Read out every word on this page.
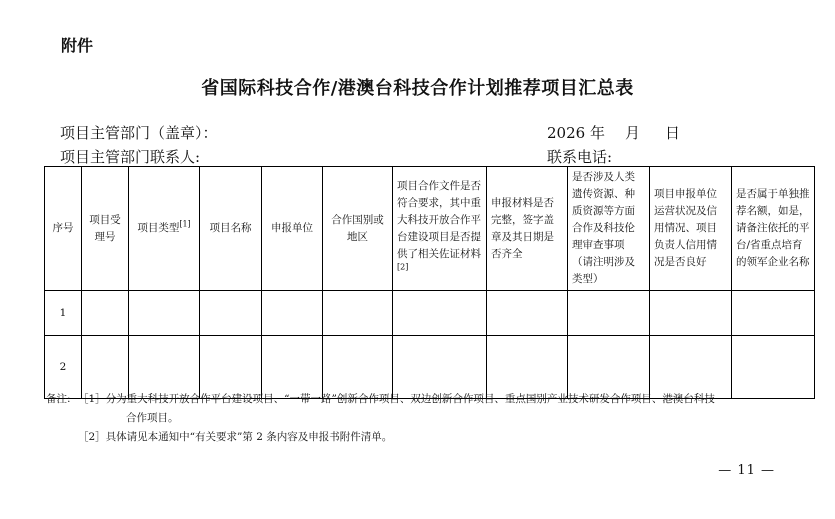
附件
省国际科技合作/港澳台科技合作计划推荐项目汇总表
项目主管部门（盖章）：	2026 年 月 日
项目主管部门联系人:	联系电话:
序号	项目受理号	项目类型[1]	项目名称	申报单位	合作国别或地区	项目合作文件是否符合要求，其中重大科技开放合作平台建设项目是否提供了相关佐证材料[2]	申报材料是否完整，签字盖章及其日期是否齐全	是否涉及人类遗传资源、种质资源等方面合作及科技伦理审查事项（请注明涉及类型）	项目申报单位运营状况及信用情况、项目负责人信用情况是否良好	是否属于单独推荐名额，如是，请备注依托的平台/省重点培育的领军企业名称
1										
2										
备注: ［1］ 分为重大科技开放合作平台建设项目、“一带一路”创新合作项目、双边创新合作项目、重点国别产业技术研发合作项目、港澳台科技
合作项目。
［2］ 具体请见本通知中“有关要求”第 2 条内容及申报书附件清单。
— 11 —
